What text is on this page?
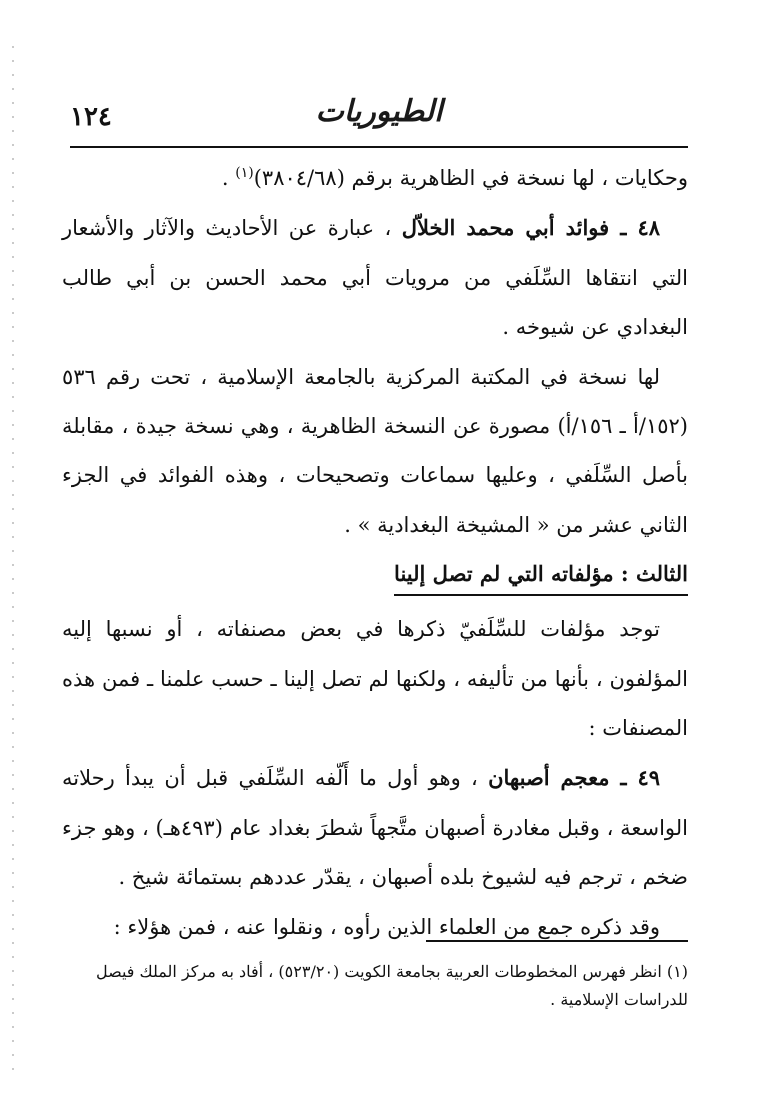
الطيوريات
١٢٤

وحكايات ، لها نسخة في الظاهرية برقم (٣٨٠٤/٦٨)$^{(١)}$ .

٤٨ ـ فوائد أبي محمد الخلاّل ، عبارة عن الأحاديث والآثار والأشعار التي انتقاها السِّلَفي من مرويات أبي محمد الحسن بن أبي طالب البغدادي عن شيوخه .

لها نسخة في المكتبة المركزية بالجامعة الإسلامية ، تحت رقم ٥٣٦ (١٥٢/أ ـ ١٥٦/أ) مصورة عن النسخة الظاهرية ، وهي نسخة جيدة ، مقابلة بأصل السِّلَفي ، وعليها سماعات وتصحيحات ، وهذه الفوائد في الجزء الثاني عشر من « المشيخة البغدادية » .

الثالث : مؤلفاته التي لم تصل إلينا

توجد مؤلفات للسِّلَفيّ ذكرها في بعض مصنفاته ، أو نسبها إليه المؤلفون ، بأنها من تأليفه ، ولكنها لم تصل إلينا ـ حسب علمنا ـ فمن هذه المصنفات :

٤٩ ـ معجم أصبهان ، وهو أول ما أَلّفه السِّلَفي قبل أن يبدأ رحلاته الواسعة ، وقبل مغادرة أصبهان متَّجهاً شطرَ بغداد عام (٤٩٣هـ) ، وهو جزء ضخم ، ترجم فيه لشيوخ بلده أصبهان ، يقدّر عددهم بستمائة شيخ .

وقد ذكره جمع من العلماء الذين رأوه ، ونقلوا عنه ، فمن هؤلاء :

(١) انظر فهرس المخطوطات العربية بجامعة الكويت (٥٢٣/٢٠) ، أفاد به مركز الملك فيصل للدراسات الإسلامية .
